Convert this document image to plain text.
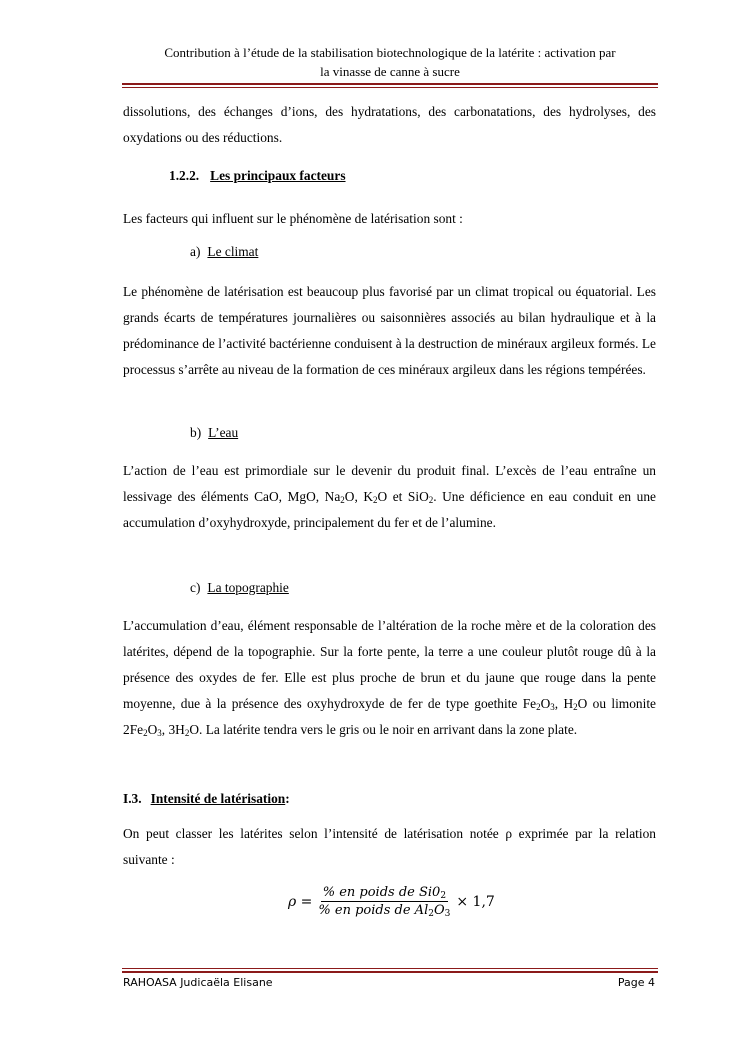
Contribution à l’étude de la stabilisation biotechnologique de la latérite : activation par
la vinasse de canne à sucre

dissolutions, des échanges d’ions, des hydratations, des carbonatations, des hydrolyses, des oxydations ou des réductions.

1.2.2. Les principaux facteurs

Les facteurs qui influent sur le phénomène de latérisation sont :

a) Le climat

Le phénomène de latérisation est beaucoup plus favorisé par un climat tropical ou équatorial. Les grands écarts de températures journalières ou saisonnières associés au bilan hydraulique et à la prédominance de l’activité bactérienne conduisent à la destruction de minéraux argileux formés. Le processus s’arrête au niveau de la formation de ces minéraux argileux dans les régions tempérées.

b) L’eau

L’action de l’eau est primordiale sur le devenir du produit final. L’excès de l’eau entraîne un lessivage des éléments CaO, MgO, $Na_2O$, $K_2O$ et SiO$_2$. Une déficience en eau conduit en une accumulation d’oxyhydroxyde, principalement du fer et de l’alumine.

c) La topographie

L’accumulation d’eau, élément responsable de l’altération de la roche mère et de la coloration des latérites, dépend de la topographie. Sur la forte pente, la terre a une couleur plutôt rouge dû à la présence des oxydes de fer. Elle est plus proche de brun et du jaune que rouge dans la pente moyenne, due à la présence des oxyhydroxyde de fer de type goethite $Fe_2O_3$, $H_2O$ ou limonite $2Fe_2O_3$, $3H_2O$. La latérite tendra vers le gris ou le noir en arrivant dans la zone plate.

I.3. Intensité de latérisation:

On peut classer les latérites selon l’intensité de latérisation notée ρ exprimée par la relation suivante :

$\rho = \frac{\% en poids de Si0_2}{\% en poids de Al_2O_3} \times 1,7$
RAHOASA Judicaëla Elisane	Page 4
